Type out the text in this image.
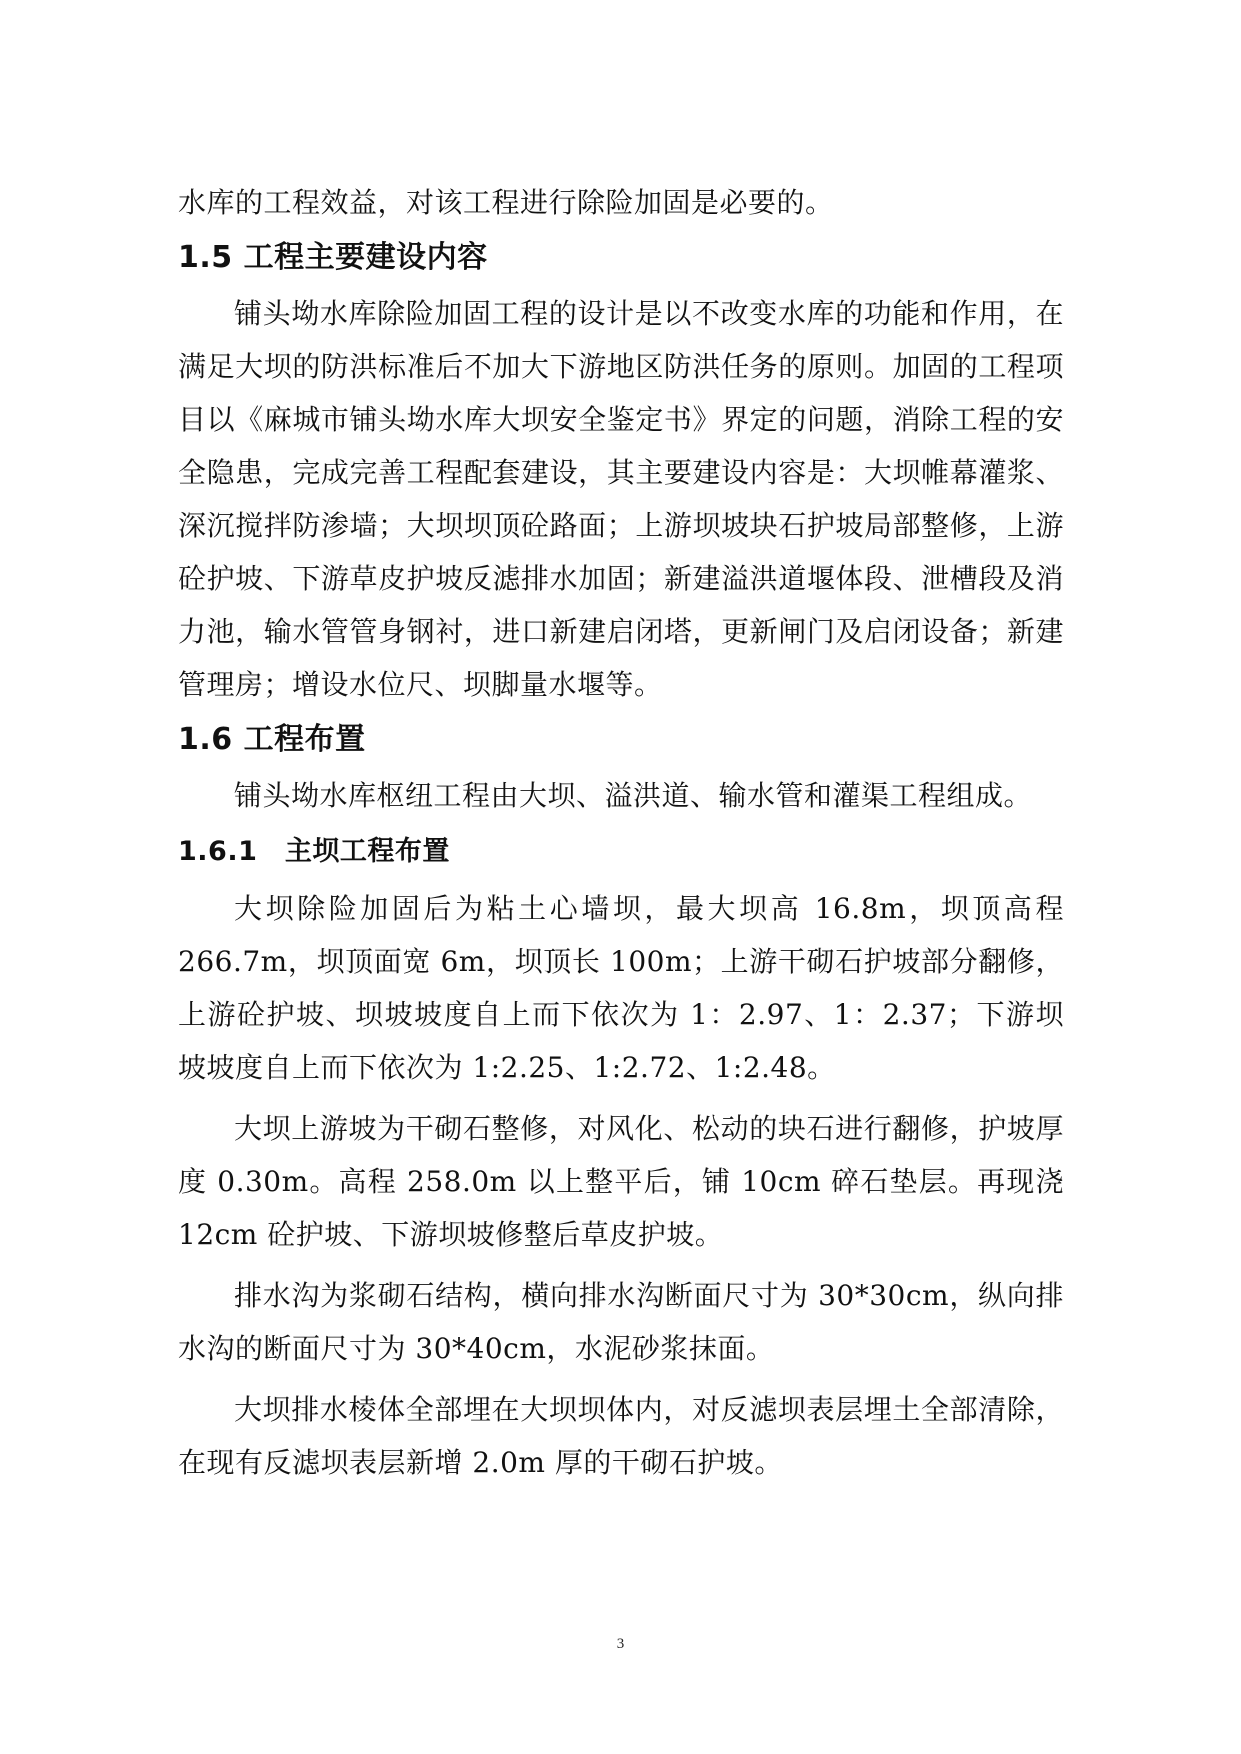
水库的工程效益，对该工程进行除险加固是必要的。

1.5 工程主要建设内容

铺头坳水库除险加固工程的设计是以不改变水库的功能和作用，在满足大坝的防洪标准后不加大下游地区防洪任务的原则。加固的工程项目以《麻城市铺头坳水库大坝安全鉴定书》界定的问题，消除工程的安全隐患，完成完善工程配套建设，其主要建设内容是：大坝帷幕灌浆、深沉搅拌防渗墙；大坝坝顶砼路面；上游坝坡块石护坡局部整修，上游砼护坡、下游草皮护坡反滤排水加固；新建溢洪道堰体段、泄槽段及消力池，输水管管身钢衬，进口新建启闭塔，更新闸门及启闭设备；新建管理房；增设水位尺、坝脚量水堰等。

1.6 工程布置

铺头坳水库枢纽工程由大坝、溢洪道、输水管和灌渠工程组成。

1.6.1　主坝工程布置

大坝除险加固后为粘土心墙坝，最大坝高 16.8m，坝顶高程 266.7m，坝顶面宽 6m，坝顶长 100m；上游干砌石护坡部分翻修，上游砼护坡、坝坡坡度自上而下依次为 1：2.97、1：2.37；下游坝坡坡度自上而下依次为 1:2.25、1:2.72、1:2.48。

大坝上游坡为干砌石整修，对风化、松动的块石进行翻修，护坡厚度 0.30m。高程 258.0m 以上整平后，铺 10cm 碎石垫层。再现浇 12cm 砼护坡、下游坝坡修整后草皮护坡。

排水沟为浆砌石结构，横向排水沟断面尺寸为 30*30cm，纵向排水沟的断面尺寸为 30*40cm，水泥砂浆抹面。

大坝排水棱体全部埋在大坝坝体内，对反滤坝表层埋土全部清除，在现有反滤坝表层新增 2.0m 厚的干砌石护坡。

3
